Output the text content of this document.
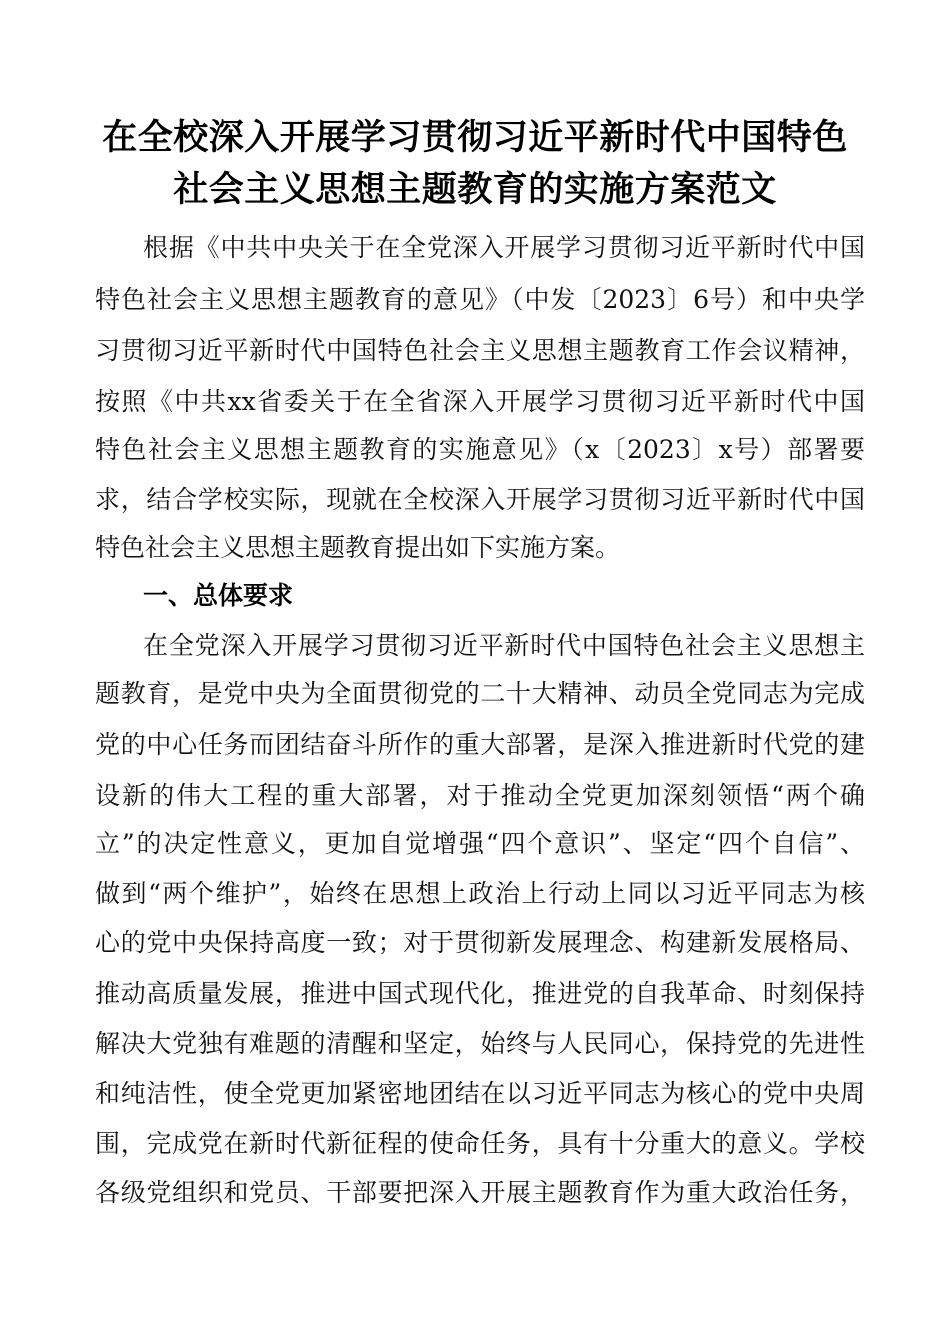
在全校深入开展学习贯彻习近平新时代中国特色
社会主义思想主题教育的实施方案范文
根据《中共中央关于在全党深入开展学习贯彻习近平新时代中国
特色社会主义思想主题教育的意见》（中发〔2023〕6号）和中央学
习贯彻习近平新时代中国特色社会主义思想主题教育工作会议精神，
按照《中共xx省委关于在全省深入开展学习贯彻习近平新时代中国
特色社会主义思想主题教育的实施意见》（x〔2023〕x号）部署要
求，结合学校实际，现就在全校深入开展学习贯彻习近平新时代中国
特色社会主义思想主题教育提出如下实施方案。
一、总体要求
在全党深入开展学习贯彻习近平新时代中国特色社会主义思想主
题教育，是党中央为全面贯彻党的二十大精神、动员全党同志为完成
党的中心任务而团结奋斗所作的重大部署，是深入推进新时代党的建
设新的伟大工程的重大部署，对于推动全党更加深刻领悟“两个确
立”的决定性意义，更加自觉增强“四个意识”、坚定“四个自信”、
做到“两个维护”，始终在思想上政治上行动上同以习近平同志为核
心的党中央保持高度一致；对于贯彻新发展理念、构建新发展格局、
推动高质量发展，推进中国式现代化，推进党的自我革命、时刻保持
解决大党独有难题的清醒和坚定，始终与人民同心，保持党的先进性
和纯洁性，使全党更加紧密地团结在以习近平同志为核心的党中央周
围，完成党在新时代新征程的使命任务，具有十分重大的意义。学校
各级党组织和党员、干部要把深入开展主题教育作为重大政治任务，
